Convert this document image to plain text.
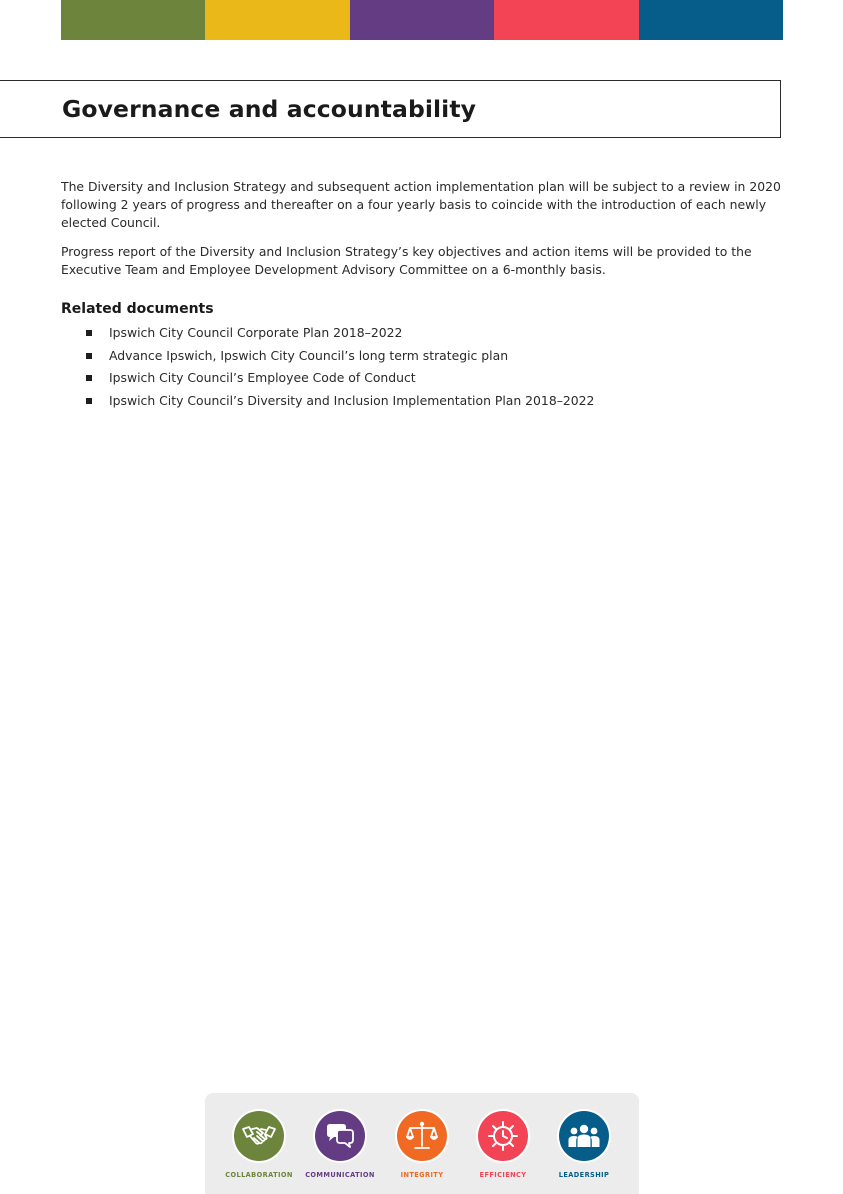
Governance and accountability

The Diversity and Inclusion Strategy and subsequent action implementation plan will be subject to a review in 2020 following 2 years of progress and thereafter on a four yearly basis to coincide with the introduction of each newly elected Council.

Progress report of the Diversity and Inclusion Strategy’s key objectives and action items will be provided to the Executive Team and Employee Development Advisory Committee on a 6-monthly basis.

Related documents
Ipswich City Council Corporate Plan 2018–2022
Advance Ipswich, Ipswich City Council’s long term strategic plan
Ipswich City Council’s Employee Code of Conduct
Ipswich City Council’s Diversity and Inclusion Implementation Plan 2018–2022
COLLABORATION	COMMUNICATION	INTEGRITY	EFFICIENCY	LEADERSHIP
